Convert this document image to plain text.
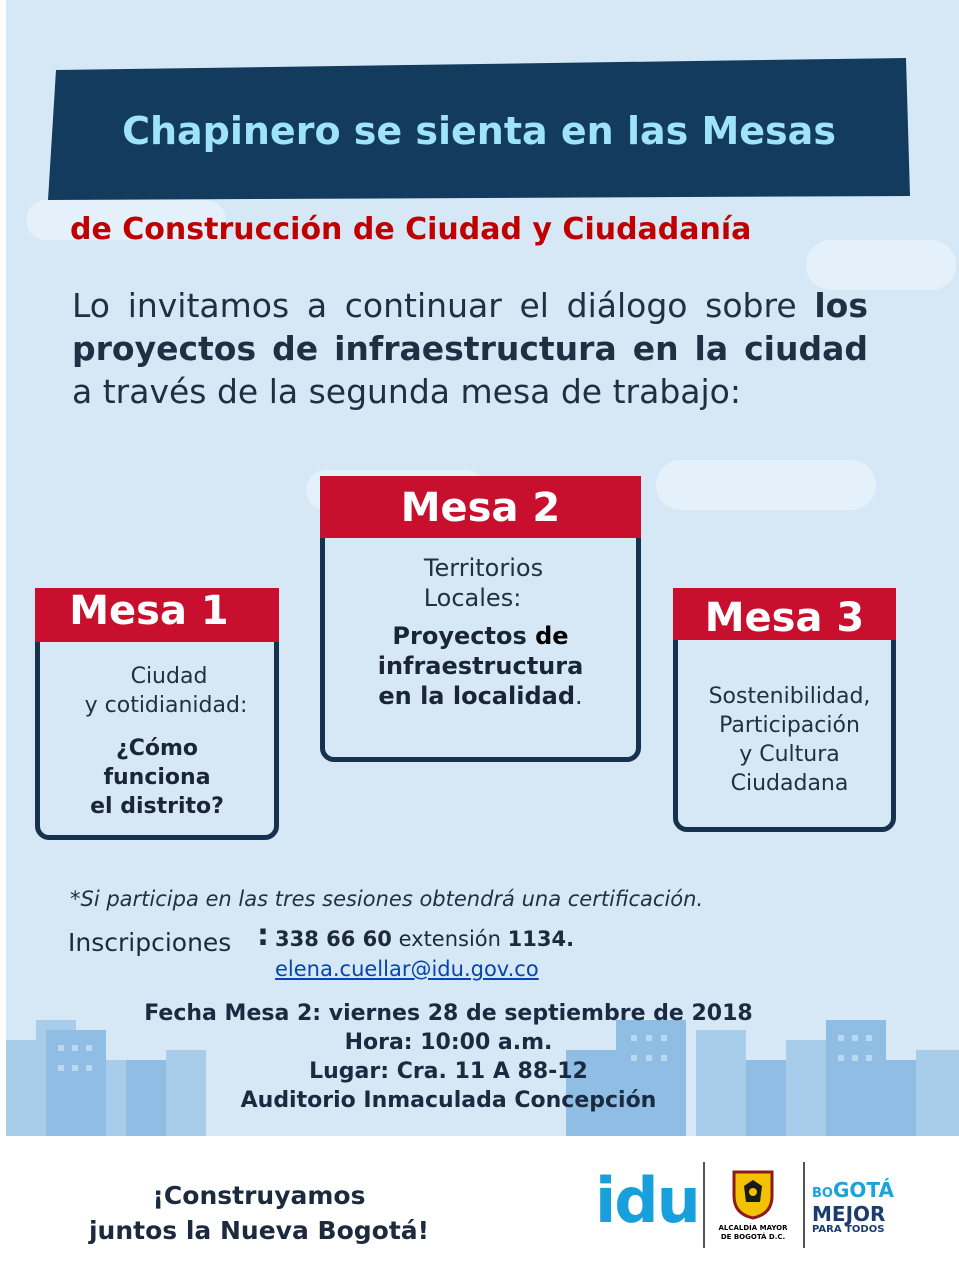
Chapinero se sienta en las Mesas
de Construcción de Ciudad y Ciudadanía
Lo invitamos a continuar el diálogo sobre los proyectos de infraestructura en la ciudad a través de la segunda mesa de trabajo:
Mesa 1
Ciudad
y cotidianidad:
¿Cómo
funciona
el distrito?
Mesa 2
Territorios
Locales:
Proyectos de
infraestructura
en la localidad.
Mesa 3
Sostenibilidad,
Participación
y Cultura
Ciudadana
*Si participa en las tres sesiones obtendrá una certificación.
Inscripciones : 338 66 60 extensión 1134.
elena.cuellar@idu.gov.co
Fecha Mesa 2: viernes 28 de septiembre de 2018
Hora: 10:00 a.m.
Lugar: Cra. 11 A 88-12
Auditorio Inmaculada Concepción
¡Construyamos
juntos la Nueva Bogotá!	idu	ALCALDÍA MAYOR
DE BOGOTÁ D.C.
BOGOTÁ
MEJOR
PARA TODOS
